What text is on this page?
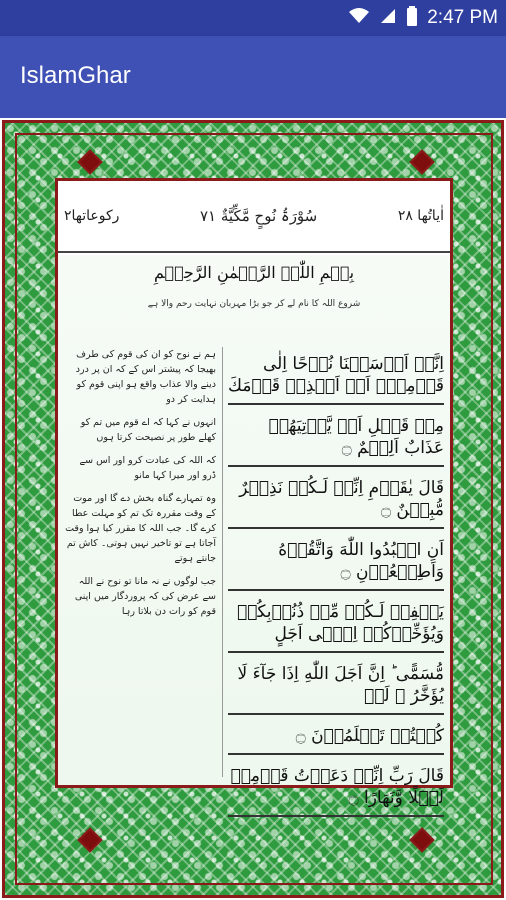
2:47 PM
IslamGhar
رکوعاتھا۲	۷۱ سُوْرَۃُ نُوحٍ مَّكِّيَّةٌ	اٰیاتُھا ۲۸
بِسۡمِ اللّٰہِ الرَّحۡمٰنِ الرَّحِیۡمِ
شروع اللہ کا نام لے کر جو بڑا مہربان نہایت رحم والا ہے
ہم نے نوح کو ان کی قوم کی طرف بھیجا کہ پیشتر اس کے کہ ان پر درد دینے والا عذاب واقع ہو اپنی قوم کو ہدایت کر دو
انہوں نے کہا کہ اے قوم میں تم کو کھلے طور پر نصیحت کرتا ہوں
کہ اللہ کی عبادت کرو اور اس سے ڈرو اور میرا کہا مانو
وہ تمہارے گناہ بخش دے گا اور موت کے وقت مقررہ تک تم کو مہلت عطا کرے گا۔ جب اللہ کا مقرر کیا ہوا وقت آجاتا ہے تو تاخیر نہیں ہوتی۔ کاش تم جانتے ہوتے
جب لوگوں نے نہ مانا تو نوح نے اللہ سے عرض کی کہ پروردگار میں اپنی قوم کو رات دن بلاتا رہا
اِنَّاۤ اَرۡسَلۡنَا نُوۡحًا اِلٰی قَوۡمِهٖۤ اَنۡ اَنۡذِرۡ قَوۡمَكَ
مِنۡ قَبۡلِ اَنۡ يَّاۡتِيَهُمۡ عَذَابٌ اَلِيۡمٌ ۝
قَالَ يٰقَوۡمِ اِنِّىۡ لَـكُمۡ نَذِيۡرٌ مُّبِيۡنٌ ۝
اَنِ اعۡبُدُوا اللّٰهَ وَاتَّقُوۡهُ وَاَطِيۡعُوۡنِ ۝
يَغۡفِرۡ لَـكُمۡ مِّنۡ ذُنُوۡبِكُمۡ وَيُؤَخِّرۡكُمۡ اِلٰۤى اَجَلٍ
مُّسَمًّى ؕ اِنَّ اَجَلَ اللّٰهِ اِذَا جَآءَ لَا يُؤَخَّرُ​ ۘ لَوۡ
كُنۡتُمۡ تَعۡلَمُوۡنَ ۝
قَالَ رَبِّ اِنِّىۡ دَعَوۡتُ قَوۡمِىۡ لَيۡلًا وَّنَهَارًا ۝
